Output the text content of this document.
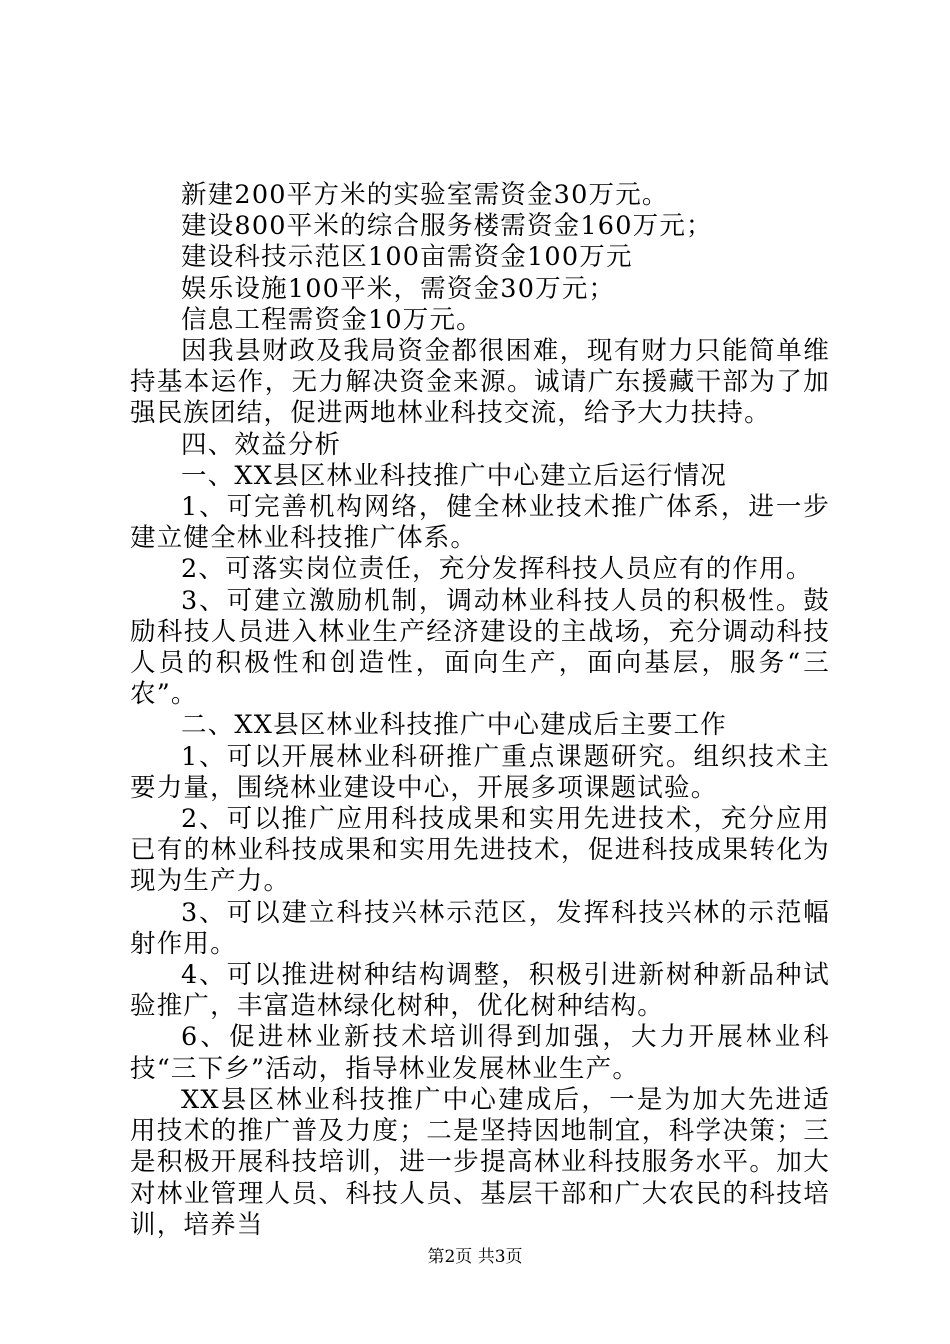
新建200平方米的实验室需资金30万元。

建设800平米的综合服务楼需资金160万元；

建设科技示范区100亩需资金100万元

娱乐设施100平米，需资金30万元；

信息工程需资金10万元。

因我县财政及我局资金都很困难，现有财力只能简单维持基本运作，无力解决资金来源。诚请广东援藏干部为了加强民族团结，促进两地林业科技交流，给予大力扶持。

四、效益分析

一、XX县区林业科技推广中心建立后运行情况

1、可完善机构网络，健全林业技术推广体系，进一步建立健全林业科技推广体系。

2、可落实岗位责任，充分发挥科技人员应有的作用。

3、可建立激励机制，调动林业科技人员的积极性。鼓励科技人员进入林业生产经济建设的主战场，充分调动科技人员的积极性和创造性，面向生产，面向基层，服务“三农”。

二、XX县区林业科技推广中心建成后主要工作

1、可以开展林业科研推广重点课题研究。组织技术主要力量，围绕林业建设中心，开展多项课题试验。

2、可以推广应用科技成果和实用先进技术，充分应用已有的林业科技成果和实用先进技术，促进科技成果转化为现为生产力。

3、可以建立科技兴林示范区，发挥科技兴林的示范幅射作用。

4、可以推进树种结构调整，积极引进新树种新品种试验推广，丰富造林绿化树种，优化树种结构。

6、促进林业新技术培训得到加强，大力开展林业科技“三下乡”活动，指导林业发展林业生产。

XX县区林业科技推广中心建成后，一是为加大先进适用技术的推广普及力度；二是坚持因地制宜，科学决策；三是积极开展科技培训，进一步提高林业科技服务水平。加大对林业管理人员、科技人员、基层干部和广大农民的科技培训，培养当

第2页 共3页
